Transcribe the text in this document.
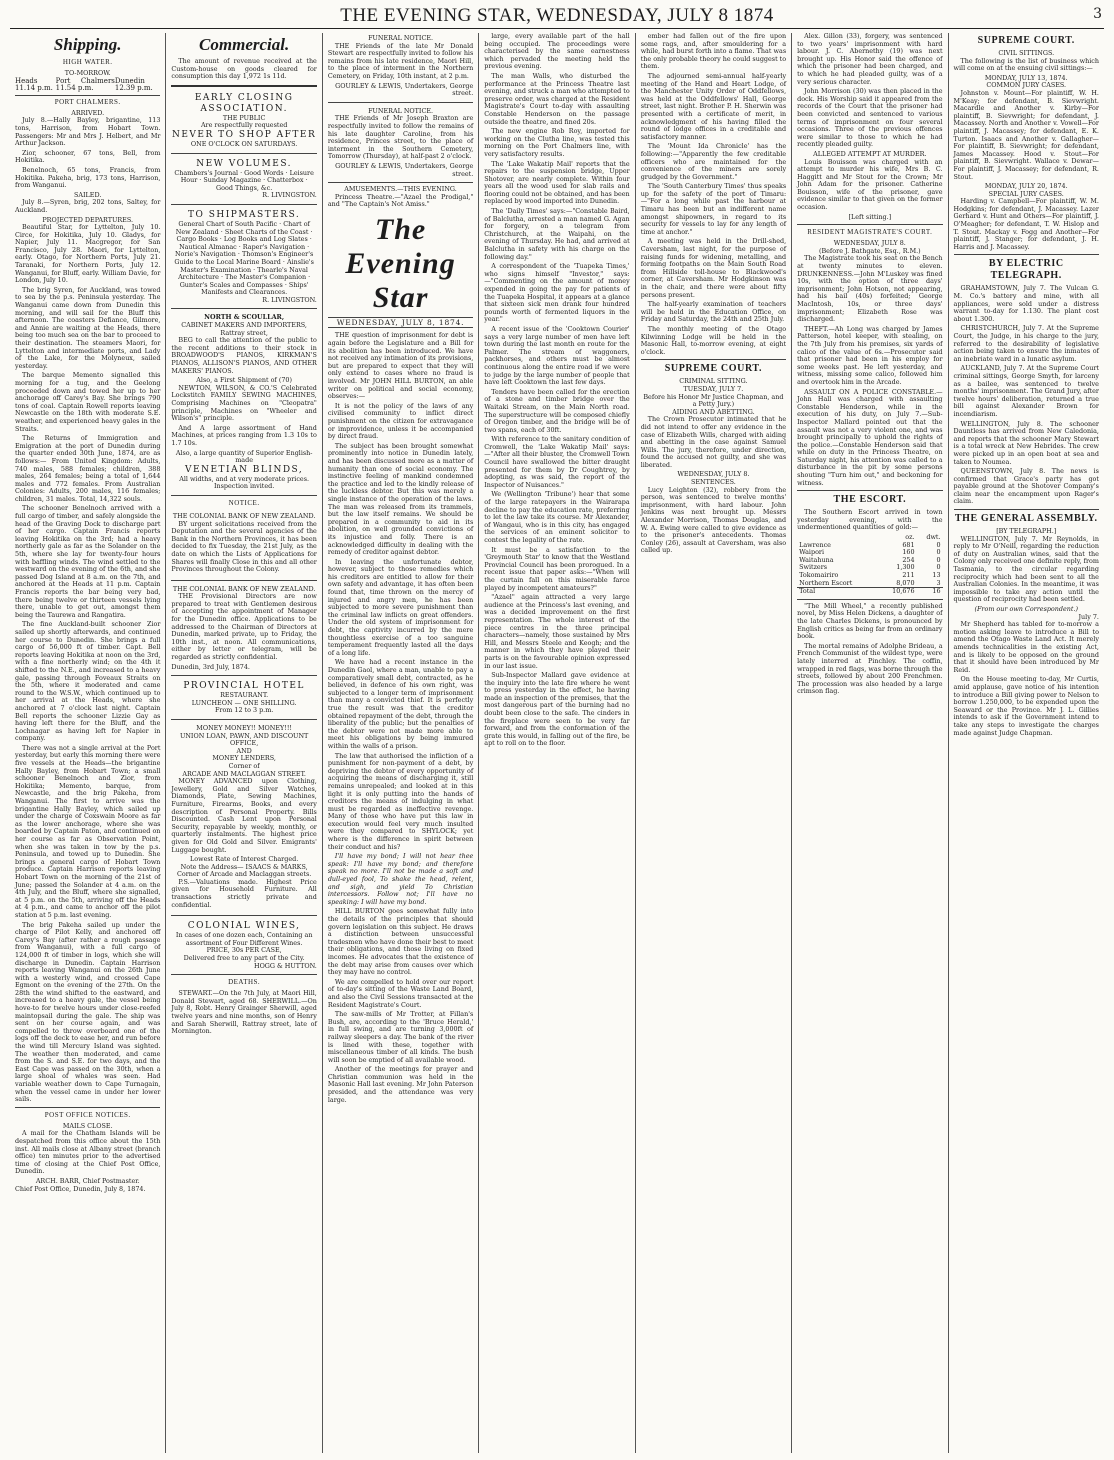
THE EVENING STAR, WEDNESDAY, JULY 8 1874	3
Shipping.
HIGH WATER.
TO-MORROW.
Heads 11.14 p.m.
Port Chalmers 11.54 p.m.
Dunedin 12.39 p.m.
PORT CHALMERS.
ARRIVED.

July 8.—Hally Bayley, brigantine, 113 tons, Harrison, from Hobart Town. Passengers: Mr and Mrs J. Helbert, and Mr Arthur Jackson.

Zior, schooner, 67 tons, Bell, from Hokitika.

Benelnoch, 65 tons, Francis, from Hokitika. Pakeha, brig, 173 tons, Harrison, from Wanganui.

SAILED.

July 8.—Syren, brig, 202 tons, Saltey, for Auckland.

PROJECTED DEPARTURES.

Beautiful Star, for Lyttelton, July 10. Circe, for Hokitika, July 10. Gladys, for Napier, July 11. Macgregor, for San Francisco, July 28. Maori, for Lyttelton, early. Otago, for Northern Ports, July 21. Taranaki, for Northern Ports, July 12. Wanganui, for Bluff, early. William Davie, for London, July 10.

The brig Syren, for Auckland, was towed to sea by the p.s. Peninsula yesterday. The Wanganui came down from Dunedin this morning, and will sail for the Bluff this afternoon. The coasters Defiance, Gilmore, and Annie are waiting at the Heads, there being too much sea on the bar to proceed to their destination. The steamers Maori, for Lyttelton and intermediate ports, and Lady of the Lake, for the Molyneux, sailed yesterday.

The barque Memento signalled this morning for a tug, and the Geelong proceeded down and towed her up to her anchorage off Carey's Bay. She brings 790 tons of coal. Captain Rowell reports leaving Newcastle on the 18th with moderate S.E. weather, and experienced heavy gales in the Straits.

The Returns of Immigration and Emigration at the port of Dunedin during the quarter ended 30th June, 1874, are as follows:— From United Kingdom: Adults, 740 males, 588 females; children, 388 males, 264 females; being a total of 1,644 males and 772 females. From Australian Colonies: Adults, 200 males, 116 females; children, 31 males. Total, 14,322 souls.

The schooner Benelnoch arrived with a full cargo of timber, and safely alongside the head of the Graving Dock to discharge part of her cargo. Captain Francis reports leaving Hokitika on the 3rd; had a heavy northerly gale as far as the Solander on the 5th, where she lay for twenty-four hours with baffling winds. The wind settled to the westward on the evening of the 6th, and she passed Dog Island at 8 a.m. on the 7th, and anchored at the Heads at 11 p.m. Captain Francis reports the bar being very bad, there being twelve or thirteen vessels lying there, unable to get out, amongst them being the Taurewa and Rangatira.

The fine Auckland-built schooner Zior sailed up shortly afterwards, and continued her course to Dunedin. She brings a full cargo of 56,000 ft of timber. Capt. Bell reports leaving Hokitika at noon on the 3rd, with a fine northerly wind; on the 4th it shifted to the N.E., and increased to a heavy gale, passing through Foveaux Straits on the 5th, where it moderated and came round to the W.S.W., which continued up to her arrival at the Heads, where she anchored at 7 o'clock last night. Captain Bell reports the schooner Lizzie Gay as having left there for the Bluff, and the Lochnagar as having left for Napier in company.

There was not a single arrival at the Port yesterday, but early this morning there were five vessels at the Heads—the brigantine Hally Bayley, from Hobart Town; a small schooner Benelnoch and Zior, from Hokitika; Memento, barque, from Newcastle, and the brig Pakeha, from Wanganui. The first to arrive was the brigantine Hally Bayley, which sailed up under the charge of Coxswain Moore as far as the lower anchorage, where she was boarded by Captain Paton, and continued on her course as far as Observation Point, when she was taken in tow by the p.s. Peninsula, and towed up to Dunedin. She brings a general cargo of Hobart Town produce. Captain Harrison reports leaving Hobart Town on the morning of the 21st of June; passed the Solander at 4 a.m. on the 4th July, and the Bluff, where she signalled, at 5 p.m. on the 5th, arriving off the Heads at 4 p.m., and came to anchor off the pilot station at 5 p.m. last evening.

The brig Pakeha sailed up under the charge of Pilot Kelly, and anchored off Carey's Bay (after rather a rough passage from Wanganui), with a full cargo of 124,000 ft of timber in logs, which she will discharge in Dunedin. Captain Harrison reports leaving Wanganui on the 26th June with a westerly wind, and crossed Cape Egmont on the evening of the 27th. On the 28th the wind shifted to the eastward, and increased to a heavy gale, the vessel being hove-to for twelve hours under close-reefed maintopsail during the gale. The ship was sent on her course again, and was compelled to throw overboard one of the logs off the deck to ease her, and run before the wind till Mercury Island was sighted. The weather then moderated, and came from the S. and S.E. for two days, and the East Cape was passed on the 30th, when a large shoal of whales was seen. Had variable weather down to Cape Turnagain, when the vessel came in under her lower sails.

POST OFFICE NOTICES.
MAILS CLOSE.

A mail for the Chatham Islands will be despatched from this office about the 15th inst. All mails close at Albany street (branch office) ten minutes prior to the advertised time of closing at the Chief Post Office, Dunedin.

ARCH. BARR, Chief Postmaster.
Chief Post Office, Dunedin, July 8, 1874.
Commercial.

The amount of revenue received at the Custom-house on goods cleared for consumption this day 1,972 1s 11d.

EARLY CLOSING ASSOCIATION.
THE PUBLIC
Are respectfully requested
NEVER TO SHOP AFTER
ONE O'CLOCK ON SATURDAYS.
NEW VOLUMES.
Chambers's Journal · Good Words · Leisure Hour · Sunday Magazine · Chatterbox · Good Things, &c.
R. LIVINGSTON.
TO SHIPMASTERS.
General Chart of South Pacific · Chart of New Zealand · Sheet Charts of the Coast · Cargo Books · Log Books and Log Slates · Nautical Almanac · Raper's Navigation · Norie's Navigation · Thomson's Engineer's Guide to the Local Marine Board · Ainslie's Master's Examination · Thearle's Naval Architecture · The Master's Companion · Gunter's Scales and Compasses · Ships' Manifests and Clearances.
R. LIVINGSTON.
NORTH & SCOULLAR,
CABINET MAKERS AND IMPORTERS, Rattray street,

BEG to call the attention of the public to the recent additions to their stock in BROADWOOD'S PIANOS, KIRKMAN'S PIANOS, ALLISON'S PIANOS, AND OTHER MAKERS' PIANOS.

Also, a First Shipment of (70)

NEWTON, WILSON, & CO.'S Celebrated Lockstitch FAMILY SEWING MACHINES, Comprising Machines on "Cleopatra" principle, Machines on "Wheeler and Wilson's" principle.

And A large assortment of Hand Machines, at prices ranging from 1.3 10s to 1.7 10s.

Also, a large quantity of Superior English-made
VENETIAN BLINDS,
All widths, and at very moderate prices.
Inspection invited.
NOTICE.
THE COLONIAL BANK OF NEW ZEALAND.

BY urgent solicitations received from the Deputation and the several agencies of the Bank in the Northern Provinces, it has been decided to fix Tuesday, the 21st July, as the date on which the Lists of Applications for Shares will finally Close in this and all other Provinces throughout the Colony.

THE COLONIAL BANK OF NEW ZEALAND.

THE Provisional Directors are now prepared to treat with Gentlemen desirous of accepting the appointment of Manager for the Dunedin office. Applications to be addressed to the Chairman of Directors at Dunedin, marked private, up to Friday, the 10th inst., at noon. All communications, either by letter or telegram, will be regarded as strictly confidential.

Dunedin, 3rd July, 1874.
PROVINCIAL HOTEL
RESTAURANT.
LUNCHEON — ONE SHILLING.
From 12 to 3 p.m.
MONEY MONEY!! MONEY!!!
UNION LOAN, PAWN, AND DISCOUNT OFFICE,
AND
MONEY LENDERS,
Corner of
ARCADE AND MACLAGGAN STREET.

MONEY ADVANCED upon Clothing, Jewellery, Gold and Silver Watches, Diamonds, Plate, Sewing Machines, Furniture, Firearms, Books, and every description of Personal Property. Bills Discounted. Cash Lent upon Personal Security, repayable by weekly, monthly, or quarterly instalments. The highest price given for Old Gold and Silver. Emigrants' Luggage bought.

Lowest Rate of Interest Charged.
Note the Address— ISAACS & MARKS, Corner of Arcade and Maclaggan streets.

P.S.—Valuations made. Highest Price given for Household Furniture. All transactions strictly private and confidential.

COLONIAL WINES,
In cases of one dozen each, Containing an assortment of Four Different Wines.
PRICE, 30s PER CASE,
Delivered free to any part of the City.
HOGG & HUTTON.
DEATHS.

STEWART.—On the 7th July, at Maori Hill, Donald Stewart, aged 68. SHERWILL.—On July 8, Robt. Henry Grainger Sherwill, aged twelve years and nine months, son of Henry and Sarah Sherwill, Rattray street, late of Mornington.

FUNERAL NOTICE.

THE Friends of the late Mr Donald Stewart are respectfully invited to follow his remains from his late residence, Maori Hill, to the place of interment in the Northern Cemetery, on Friday, 10th instant, at 2 p.m.

GOURLEY & LEWIS, Undertakers, George street.
FUNERAL NOTICE.

THE Friends of Mr Joseph Braxton are respectfully invited to follow the remains of his late daughter Caroline, from his residence, Princes street, to the place of interment in the Southern Cemetery, Tomorrow (Thursday), at half-past 2 o'clock.

GOURLEY & LEWIS, Undertakers, George street.
AMUSEMENTS.—THIS EVENING.

Princess Theatre.—"Azael the Prodigal," and "The Captain's Not Amiss."

The Evening Star
WEDNESDAY, JULY 8, 1874.

THE question of imprisonment for debt is again before the Legislature and a Bill for its abolition has been introduced. We have not received any intimation of its provisions, but are prepared to expect that they will only extend to cases where no fraud is involved. Mr JOHN HILL BURTON, an able writer on political and social economy, observes:—

It is not the policy of the laws of any civilised community to inflict direct punishment on the citizen for extravagance or improvidence, unless it be accompanied by direct fraud.

The subject has been brought somewhat prominently into notice in Dunedin lately, and has been discussed more as a matter of humanity than one of social economy. The instinctive feeling of mankind condemned the practice and led to the kindly release of the luckless debtor. But this was merely a single instance of the operation of the laws. The man was released from its trammels, but the law itself remains. We should be prepared in a community to aid in its abolition, on well grounded convictions of its injustice and folly. There is an acknowledged difficulty in dealing with the remedy of creditor against debtor.

In leaving the unfortunate debtor, however, subject to those remedies which his creditors are entitled to allow for their own safety and advantage, it has often been found that, time thrown on the mercy of injured and angry men, he has been subjected to more severe punishment than the criminal law inflicts on great offenders. Under the old system of imprisonment for debt, the captivity incurred by the mere thoughtless exercise of a too sanguine temperament frequently lasted all the days of a long life.

We have had a recent instance in the Dunedin Gaol, where a man, unable to pay a comparatively small debt, contracted, as he believed, in defence of his own right, was subjected to a longer term of imprisonment than many a convicted thief. It is perfectly true the result was that the creditor obtained repayment of the debt, through the liberality of the public; but the penalties of the debtor were not made more able to meet his obligations by being immured within the walls of a prison.

The law that authorised the infliction of a punishment for non-payment of a debt, by depriving the debtor of every opportunity of acquiring the means of discharging it, still remains unrepealed; and looked at in this light it is only putting into the hands of creditors the means of indulging in what must be regarded as ineffective revenge. Many of those who have put this law in execution would feel very much insulted were they compared to SHYLOCK; yet where is the difference in spirit between their conduct and his?

I'll have my bond; I will not hear thee speak: I'll have my bond; and therefore speak no more. I'll not be made a soft and dull-eyed fool, To shake the head, relent, and sigh, and yield To Christian intercessors. Follow not; I'll have no speaking: I will have my bond.

HILL BURTON goes somewhat fully into the details of the principles that should govern legislation on this subject. He draws a distinction between unsuccessful tradesmen who have done their best to meet their obligations, and those living on fixed incomes. He advocates that the existence of the debt may arise from causes over which they may have no control.

We are compelled to hold over our report of to-day's sitting of the Waste Land Board, and also the Civil Sessions transacted at the Resident Magistrate's Court.

The saw-mills of Mr Trotter, at Fillan's Bush, are, according to the 'Bruce Herald,' in full swing, and are turning 3,000ft of railway sleepers a day. The bank of the river is lined with these, together with miscellaneous timber of all kinds. The bush will soon be emptied of all available wood.

Another of the meetings for prayer and Christian communion was held in the Masonic Hall last evening. Mr John Paterson presided, and the attendance was very large.

large, every available part of the hall being occupied. The proceedings were characterised by the same earnestness which pervaded the meeting held the previous evening.

The man Walls, who disturbed the performance at the Princess Theatre last evening, and struck a man who attempted to preserve order, was charged at the Resident Magistrate's Court to-day with assaulting Constable Henderson on the passage outside the theatre, and fined 20s.

The new engine Rob Roy, imported for working on the Clutha line, was tested this morning on the Port Chalmers line, with very satisfactory results.

The 'Lake Wakatip Mail' reports that the repairs to the suspension bridge, Upper Shotover, are nearly complete. Within four years all the wood used for slab rails and flooring could not be obtained, and has been replaced by wood imported into Dunedin.

The 'Daily Times' says:—"Constable Baird, of Balclutha, arrested a man named G. Agan for forgery, on a telegram from Christchurch, at the Waipahi, on the evening of Thursday. He had, and arrived at Balclutha in safety with his charge on the following day."

A correspondent of the 'Tuapeka Times,' who signs himself "Investor," says:—"Commenting on the amount of money expended in going the pay for patients of the Tuapeka Hospital, it appears at a glance that sixteen sick men drank four hundred pounds worth of fermented liquors in the year."

A recent issue of the 'Cooktown Courier' says a very large number of men have left town during the last month en route for the Palmer. The stream of waggoners, packhorses, and others must be almost continuous along the entire road if we were to judge by the large number of people that have left Cooktown the last few days.

Tenders have been called for the erection of a stone and timber bridge over the Waitaki Stream, on the Main North road. The superstructure will be composed chiefly of Oregon timber, and the bridge will be of two spans, each of 30ft.

With reference to the sanitary condition of Cromwell, the 'Lake Wakatip Mail' says:—"After all their bluster, the Cromwell Town Council have swallowed the bitter draught presented for them by Dr Coughtrey, by adopting, as was said, the report of the Inspector of Nuisances."

We (Wellington 'Tribune') hear that some of the large ratepayers in the Wairarapa decline to pay the education rate, preferring to let the law take its course. Mr Alexander, of Wangaui, who is in this city, has engaged the services of an eminent solicitor to contest the legality of the rate.

It must be a satisfaction to the 'Greymouth Star' to know that the Westland Provincial Council has been prorogued. In a recent issue that paper asks:—"When will the curtain fall on this miserable farce played by incompetent amateurs?"

"Azael" again attracted a very large audience at the Princess's last evening, and was a decided improvement on the first representation. The whole interest of the piece centres in the three principal characters—namely, those sustained by Mrs Hill, and Messrs Steele and Keogh; and the manner in which they have played their parts is on the favourable opinion expressed in our last issue.

Sub-Inspector Mallard gave evidence at the inquiry into the late fire where he went to press yesterday in the effect, he having made an inspection of the premises, that the most dangerous part of the burning had no doubt been close to the safe. The cinders in the fireplace were seen to be very far forward, and from the conformation of the grate this would, in falling out of the fire, be apt to roll on to the floor.

ember had fallen out of the fire upon some rags, and, after smouldering for a while, had burst forth into a flame. That was the only probable theory he could suggest to them.

The adjourned semi-annual half-yearly meeting of the Hand and Heart Lodge, of the Manchester Unity Order of Oddfellows, was held at the Oddfellows' Hall, George street, last night. Brother P. H. Sherwin was presented with a certificate of merit, in acknowledgment of his having filled the round of lodge offices in a creditable and satisfactory manner.

The 'Mount Ida Chronicle' has the following:—"Apparently the few creditable officers who are maintained for the convenience of the miners are sorely grudged by the Government."

The 'South Canterbury Times' thus speaks up for the safety of the port of Timaru:—"For a long while past the harbour at Timaru has been but an indifferent name amongst shipowners, in regard to its security for vessels to lay for any length of time at anchor."

A meeting was held in the Drill-shed, Caversham, last night, for the purpose of raising funds for widening, metalling, and forming footpaths on the Main South Road from Hillside toll-house to Blackwood's corner, at Caversham. Mr Hodgkinson was in the chair, and there were about fifty persons present.

The half-yearly examination of teachers will be held in the Education Office, on Friday and Saturday, the 24th and 25th July.

The monthly meeting of the Otago Kilwinning Lodge will be held in the Masonic Hall, to-morrow evening, at eight o'clock.

SUPREME COURT.
CRIMINAL SITTING.
TUESDAY, JULY 7.
Before his Honor Mr Justice Chapman, and a Petty Jury.)
AIDING AND ABETTING.

The Crown Prosecutor intimated that he did not intend to offer any evidence in the case of Elizabeth Wills, charged with aiding and abetting in the case against Samuel Wills. The jury, therefore, under direction, found the accused not guilty, and she was liberated.

WEDNESDAY, JULY 8.
SENTENCES.

Lucy Leighton (32), robbery from the person, was sentenced to twelve months' imprisonment, with hard labour. John Jenkins was next brought up. Messrs Alexander Morrison, Thomas Douglas, and W. A. Ewing were called to give evidence as to the prisoner's antecedents. Thomas Conley (26), assault at Caversham, was also called up.

Alex. Gillon (33), forgery, was sentenced to two years' imprisonment with hard labour. J. C. Abernethy (19) was next brought up. His Honor said the offence of which the prisoner had been charged, and to which he had pleaded guilty, was of a very serious character.

John Morrison (30) was then placed in the dock. His Worship said it appeared from the records of the Court that the prisoner had been convicted and sentenced to various terms of imprisonment on four several occasions. Three of the previous offences were similar to those to which he had recently pleaded guilty.

ALLEGED ATTEMPT AT MURDER.

Louis Bouisson was charged with an attempt to murder his wife, Mrs B. C. Haggitt and Mr Stout for the Crown; Mr John Adam for the prisoner. Catherine Bouisson, wife of the prisoner, gave evidence similar to that given on the former occasion.

[Left sitting.]
RESIDENT MAGISTRATE'S COURT.
WEDNESDAY, JULY 8.
(Before J. Bathgate, Esq., R.M.)

The Magistrate took his seat on the Bench at twenty minutes to eleven. DRUNKENNESS.—John M'Luskey was fined 10s, with the option of three days' imprisonment; John Hotson, not appearing, had his bail (40s) forfeited; George MacIntosh, 10s, or three days' imprisonment; Elizabeth Rose was discharged.

THEFT.—Ah Long was charged by James Patterson, hotel keeper, with stealing, on the 7th July from his premises, six yards of calico of the value of 6s.—Prosecutor said that prisoner had been in his employ for some weeks past. He left yesterday, and witness, missing some calico, followed him and overtook him in the Arcade.

ASSAULT ON A POLICE CONSTABLE.—John Hall was charged with assaulting Constable Henderson, while in the execution of his duty, on July 7.—Sub-Inspector Mallard pointed out that the assault was not a very violent one, and was brought principally to uphold the rights of the police.—Constable Henderson said that while on duty in the Princess Theatre, on Saturday night, his attention was called to a disturbance in the pit by some persons shouting "Turn him out," and beckoning for witness.

THE ESCORT.

The Southern Escort arrived in town yesterday evening, with the undermentioned quantities of gold:—

	oz.	dwt.
Lawrence	681	0
Waipori	160	0
Waitahuna	254	0
Switzers	1,300	0
Tokomairiro	211	13
Northern Escort	8,070	3
Total	10,676	16

"The Mill Wheel," a recently published novel, by Miss Helen Dickens, a daughter of the late Charles Dickens, is pronounced by English critics as being far from an ordinary book.

The mortal remains of Adolphe Brideau, a French Communist of the wildest type, were lately interred at Pinchley. The coffin, wrapped in red flags, was borne through the streets, followed by about 200 Frenchmen. The procession was also headed by a large crimson flag.

SUPREME COURT.
CIVIL SITTINGS.

The following is the list of business which will come on at the ensuing civil sittings:—

MONDAY, JULY 13, 1874.
COMMON JURY CASES.

Johnston v. Mount—For plaintiff, W. H. M'Keay; for defendant, B. Sievwright. Macardle and Another v. Kirby—For plaintiff, B. Sievwright; for defendant, J. Macassey. North and Another v. Vowell—For plaintiff, J. Macassey; for defendant, E. K. Turton. Isaacs and Another v. Gallagher—For plaintiff, B. Sievwright; for defendant, James Macassey. Hood v. Stout—For plaintiff, B. Sievwright. Wallace v. Dewar—For plaintiff, J. Macassey; for defendant, R. Stout.

MONDAY, JULY 20, 1874.
SPECIAL JURY CASES.

Harding v. Campbell—For plaintiff, W. M. Hodgkins; for defendant, J. Macassey. Lazer Gerhard v. Hunt and Others—For plaintiff, J. O'Meagher; for defendant, T. W. Hislop and T. Stout. Mackay v. Fogg and Another—For plaintiff, J. Stanger; for defendant, J. H. Harris and J. Macassey.

BY ELECTRIC TELEGRAPH.

GRAHAMSTOWN, July 7. The Vulcan G. M. Co.'s battery and mine, with all appliances, were sold under a distress warrant to-day for 1.130. The plant cost about 1.300.

CHRISTCHURCH, July 7. At the Supreme Court, the Judge, in his charge to the jury, referred to the desirability of legislative action being taken to ensure the inmates of an inebriate ward in a lunatic asylum.

AUCKLAND, July 7. At the Supreme Court criminal sittings, George Smyth, for larceny as a bailee, was sentenced to twelve months' imprisonment. The Grand Jury, after twelve hours' deliberation, returned a true bill against Alexander Brown for incendiarism.

WELLINGTON, July 8. The schooner Dauntless has arrived from New Caledonia, and reports that the schooner Mary Stewart is a total wreck at New Hebrides. The crew were picked up in an open boat at sea and taken to Noumea.

QUEENSTOWN, July 8. The news is confirmed that Grace's party has got payable ground at the Shotover Company's claim near the encampment upon Rager's claim.

THE GENERAL ASSEMBLY.
[BY TELEGRAPH.]

WELLINGTON, July 7. Mr Reynolds, in reply to Mr O'Neill, regarding the reduction of duty on Australian wines, said that the Colony only received one definite reply, from Tasmania, to the circular regarding reciprocity which had been sent to all the Australian Colonies. In the meantime, it was impossible to take any action until the question of reciprocity had been settled.

(From our own Correspondent.)
July 7.

Mr Shepherd has tabled for to-morrow a motion asking leave to introduce a Bill to amend the Otago Waste Land Act. It merely amends technicalities in the existing Act, and is likely to be opposed on the ground that it should have been introduced by Mr Reid.

On the House meeting to-day, Mr Curtis, amid applause, gave notice of his intention to introduce a Bill giving power to Nelson to borrow 1.250,000, to be expended upon the Seaward or the Province. Mr J. L. Gillies intends to ask if the Government intend to take any steps to investigate the charges made against Judge Chapman.
